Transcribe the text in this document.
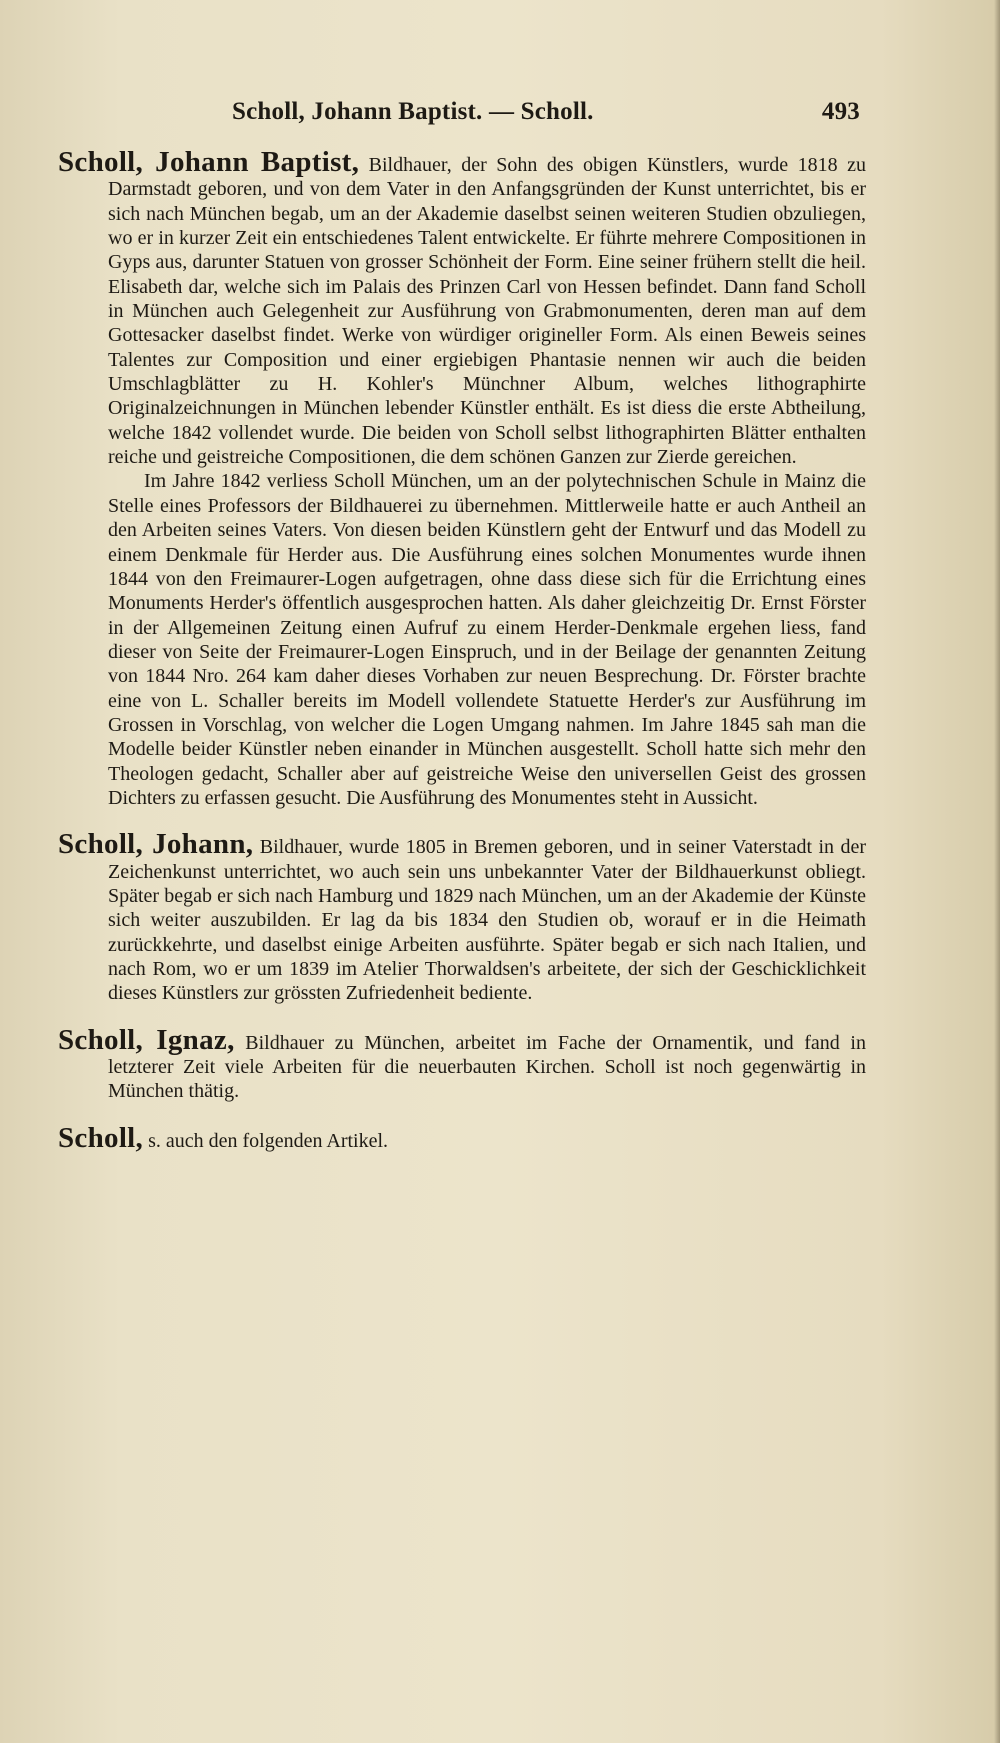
Scholl, Johann Baptist. — Scholl.	493

Scholl, Johann Baptist, Bildhauer, der Sohn des obigen Künstlers, wurde 1818 zu Darmstadt geboren, und von dem Vater in den Anfangsgründen der Kunst unterrichtet, bis er sich nach München begab, um an der Akademie daselbst seinen weiteren Studien obzuliegen, wo er in kurzer Zeit ein entschiedenes Talent entwickelte. Er führte mehrere Compositionen in Gyps aus, darunter Statuen von grosser Schönheit der Form. Eine seiner frühern stellt die heil. Elisabeth dar, welche sich im Palais des Prinzen Carl von Hessen befindet. Dann fand Scholl in München auch Gelegenheit zur Ausführung von Grabmonumenten, deren man auf dem Gottesacker daselbst findet. Werke von würdiger origineller Form. Als einen Beweis seines Talentes zur Composition und einer ergiebigen Phantasie nennen wir auch die beiden Umschlagblätter zu H. Kohler's Münchner Album, welches lithographirte Originalzeichnungen in München lebender Künstler enthält. Es ist diess die erste Abtheilung, welche 1842 vollendet wurde. Die beiden von Scholl selbst lithographirten Blätter enthalten reiche und geistreiche Compositionen, die dem schönen Ganzen zur Zierde gereichen.

Im Jahre 1842 verliess Scholl München, um an der polytechnischen Schule in Mainz die Stelle eines Professors der Bildhauerei zu übernehmen. Mittlerweile hatte er auch Antheil an den Arbeiten seines Vaters. Von diesen beiden Künstlern geht der Entwurf und das Modell zu einem Denkmale für Herder aus. Die Ausführung eines solchen Monumentes wurde ihnen 1844 von den Freimaurer-Logen aufgetragen, ohne dass diese sich für die Errichtung eines Monuments Herder's öffentlich ausgesprochen hatten. Als daher gleichzeitig Dr. Ernst Förster in der Allgemeinen Zeitung einen Aufruf zu einem Herder-Denkmale ergehen liess, fand dieser von Seite der Freimaurer-Logen Einspruch, und in der Beilage der genannten Zeitung von 1844 Nro. 264 kam daher dieses Vorhaben zur neuen Besprechung. Dr. Förster brachte eine von L. Schaller bereits im Modell vollendete Statuette Herder's zur Ausführung im Grossen in Vorschlag, von welcher die Logen Umgang nahmen. Im Jahre 1845 sah man die Modelle beider Künstler neben einander in München ausgestellt. Scholl hatte sich mehr den Theologen gedacht, Schaller aber auf geistreiche Weise den universellen Geist des grossen Dichters zu erfassen gesucht. Die Ausführung des Monumentes steht in Aussicht.

Scholl, Johann, Bildhauer, wurde 1805 in Bremen geboren, und in seiner Vaterstadt in der Zeichenkunst unterrichtet, wo auch sein uns unbekannter Vater der Bildhauerkunst obliegt. Später begab er sich nach Hamburg und 1829 nach München, um an der Akademie der Künste sich weiter auszubilden. Er lag da bis 1834 den Studien ob, worauf er in die Heimath zurückkehrte, und daselbst einige Arbeiten ausführte. Später begab er sich nach Italien, und nach Rom, wo er um 1839 im Atelier Thorwaldsen's arbeitete, der sich der Geschicklichkeit dieses Künstlers zur grössten Zufriedenheit bediente.

Scholl, Ignaz, Bildhauer zu München, arbeitet im Fache der Ornamentik, und fand in letzterer Zeit viele Arbeiten für die neuerbauten Kirchen. Scholl ist noch gegenwärtig in München thätig.

Scholl, s. auch den folgenden Artikel.
